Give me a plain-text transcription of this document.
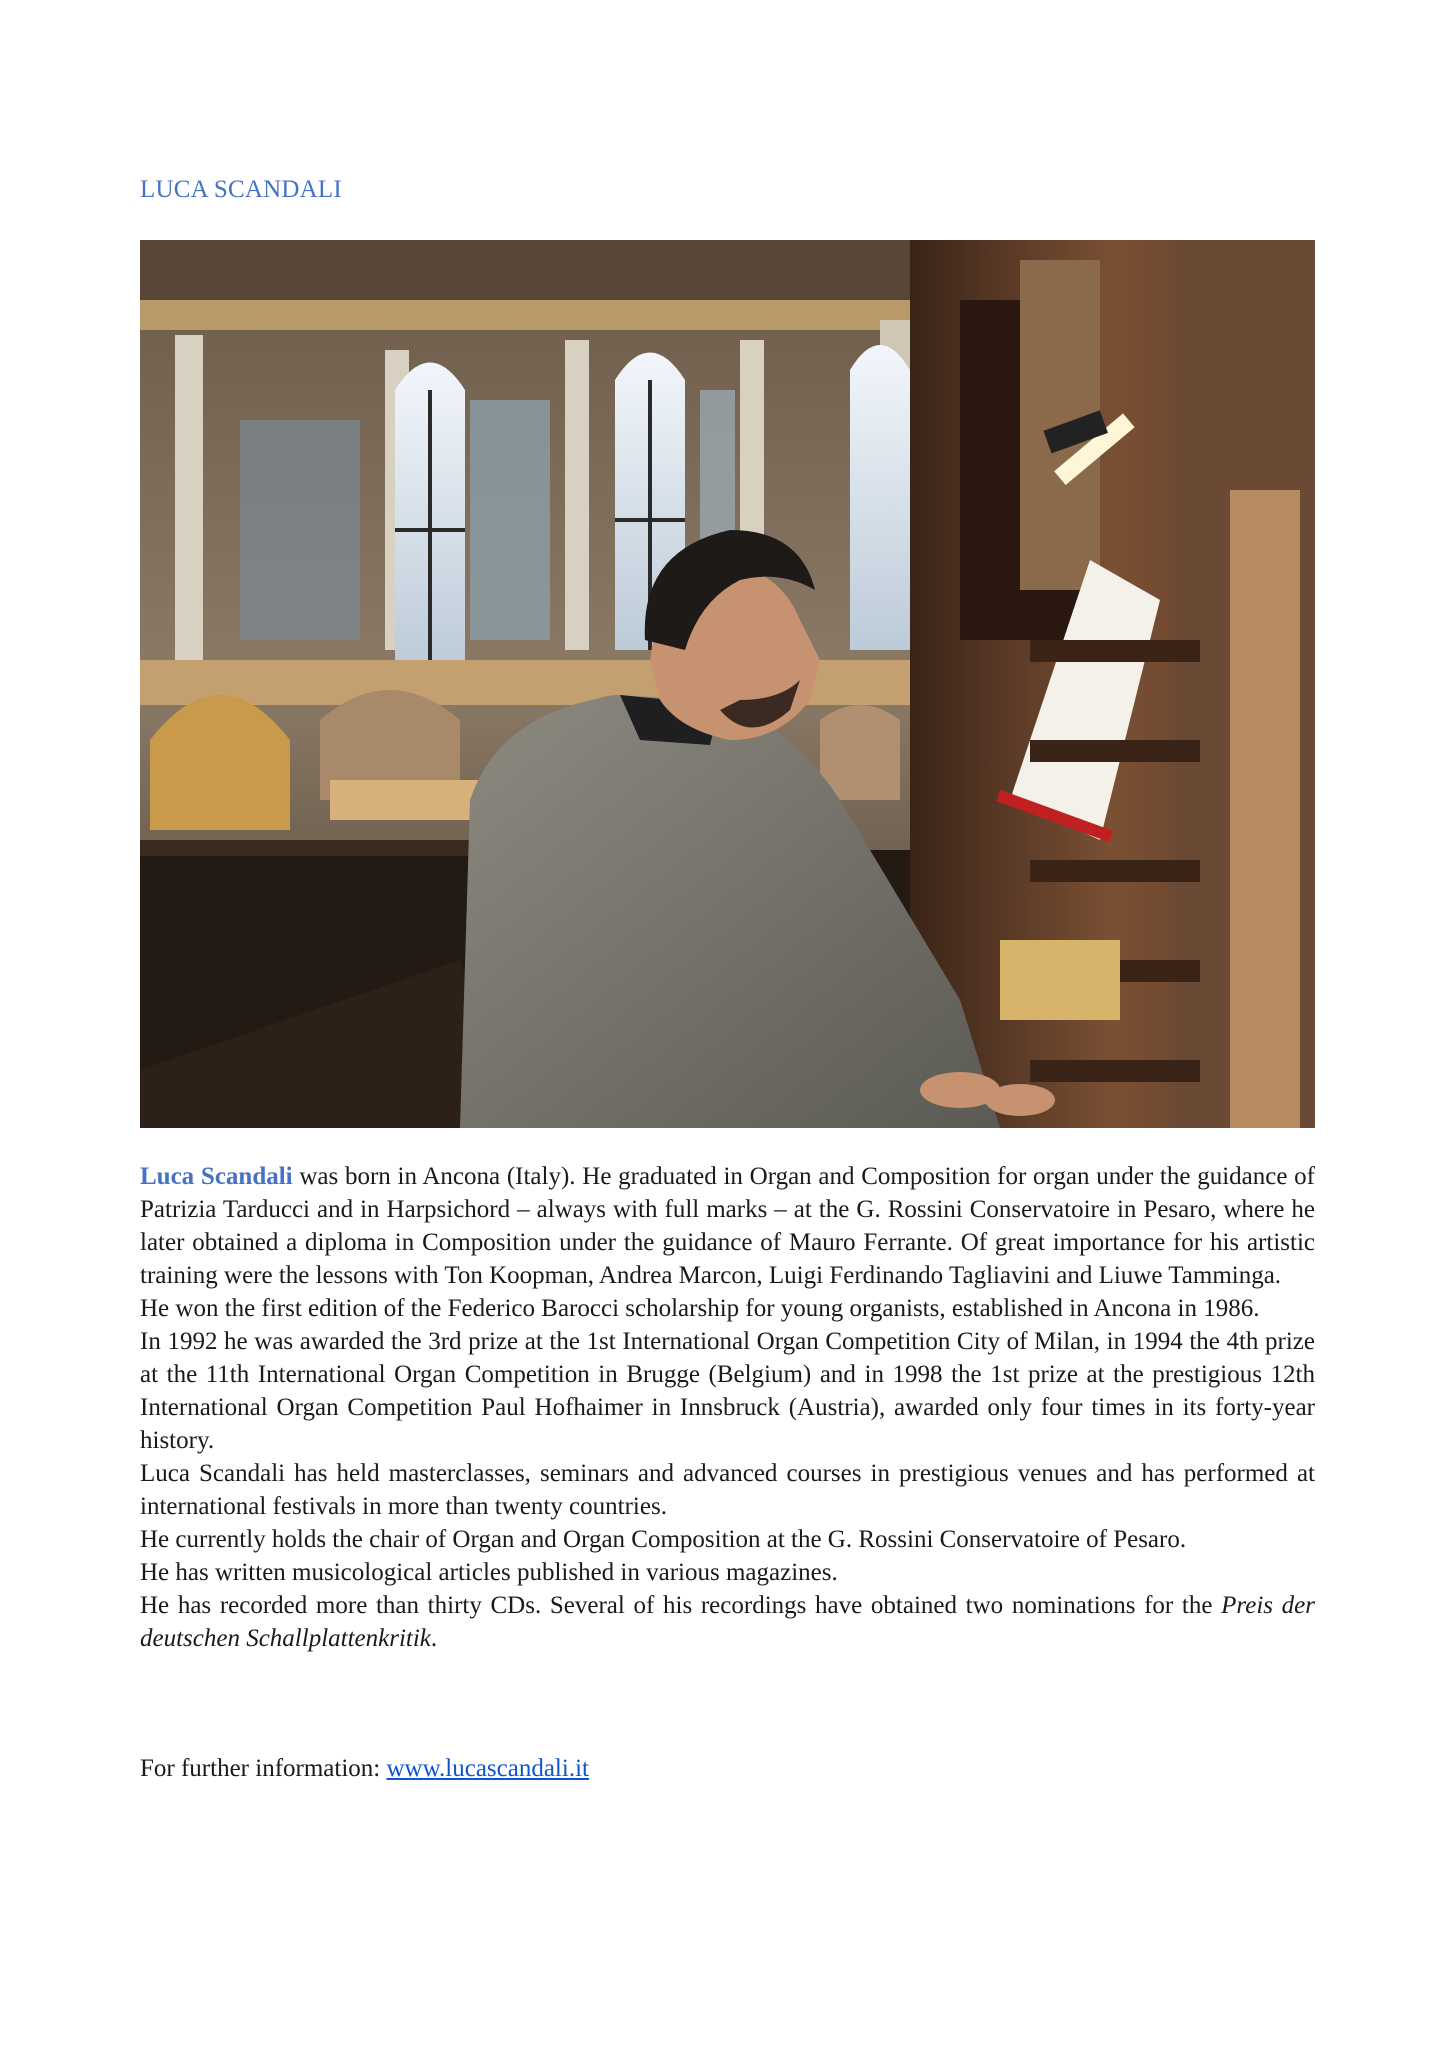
LUCA SCANDALI

Luca Scandali was born in Ancona (Italy). He graduated in Organ and Composition for organ under the guidance of Patrizia Tarducci and in Harpsichord – always with full marks – at the G. Rossini Conservatoire in Pesaro, where he later obtained a diploma in Composition under the guidance of Mauro Ferrante. Of great importance for his artistic training were the lessons with Ton Koopman, Andrea Marcon, Luigi Ferdinando Tagliavini and Liuwe Tamminga.

He won the first edition of the Federico Barocci scholarship for young organists, established in Ancona in 1986.

In 1992 he was awarded the 3rd prize at the 1st International Organ Competition City of Milan, in 1994 the 4th prize at the 11th International Organ Competition in Brugge (Belgium) and in 1998 the 1st prize at the prestigious 12th International Organ Competition Paul Hofhaimer in Innsbruck (Austria), awarded only four times in its forty-year history.

Luca Scandali has held masterclasses, seminars and advanced courses in prestigious venues and has performed at international festivals in more than twenty countries.

He currently holds the chair of Organ and Organ Composition at the G. Rossini Conservatoire of Pesaro.

He has written musicological articles published in various magazines.

He has recorded more than thirty CDs. Several of his recordings have obtained two nominations for the Preis der deutschen Schallplattenkritik.

For further information: www.lucascandali.it
